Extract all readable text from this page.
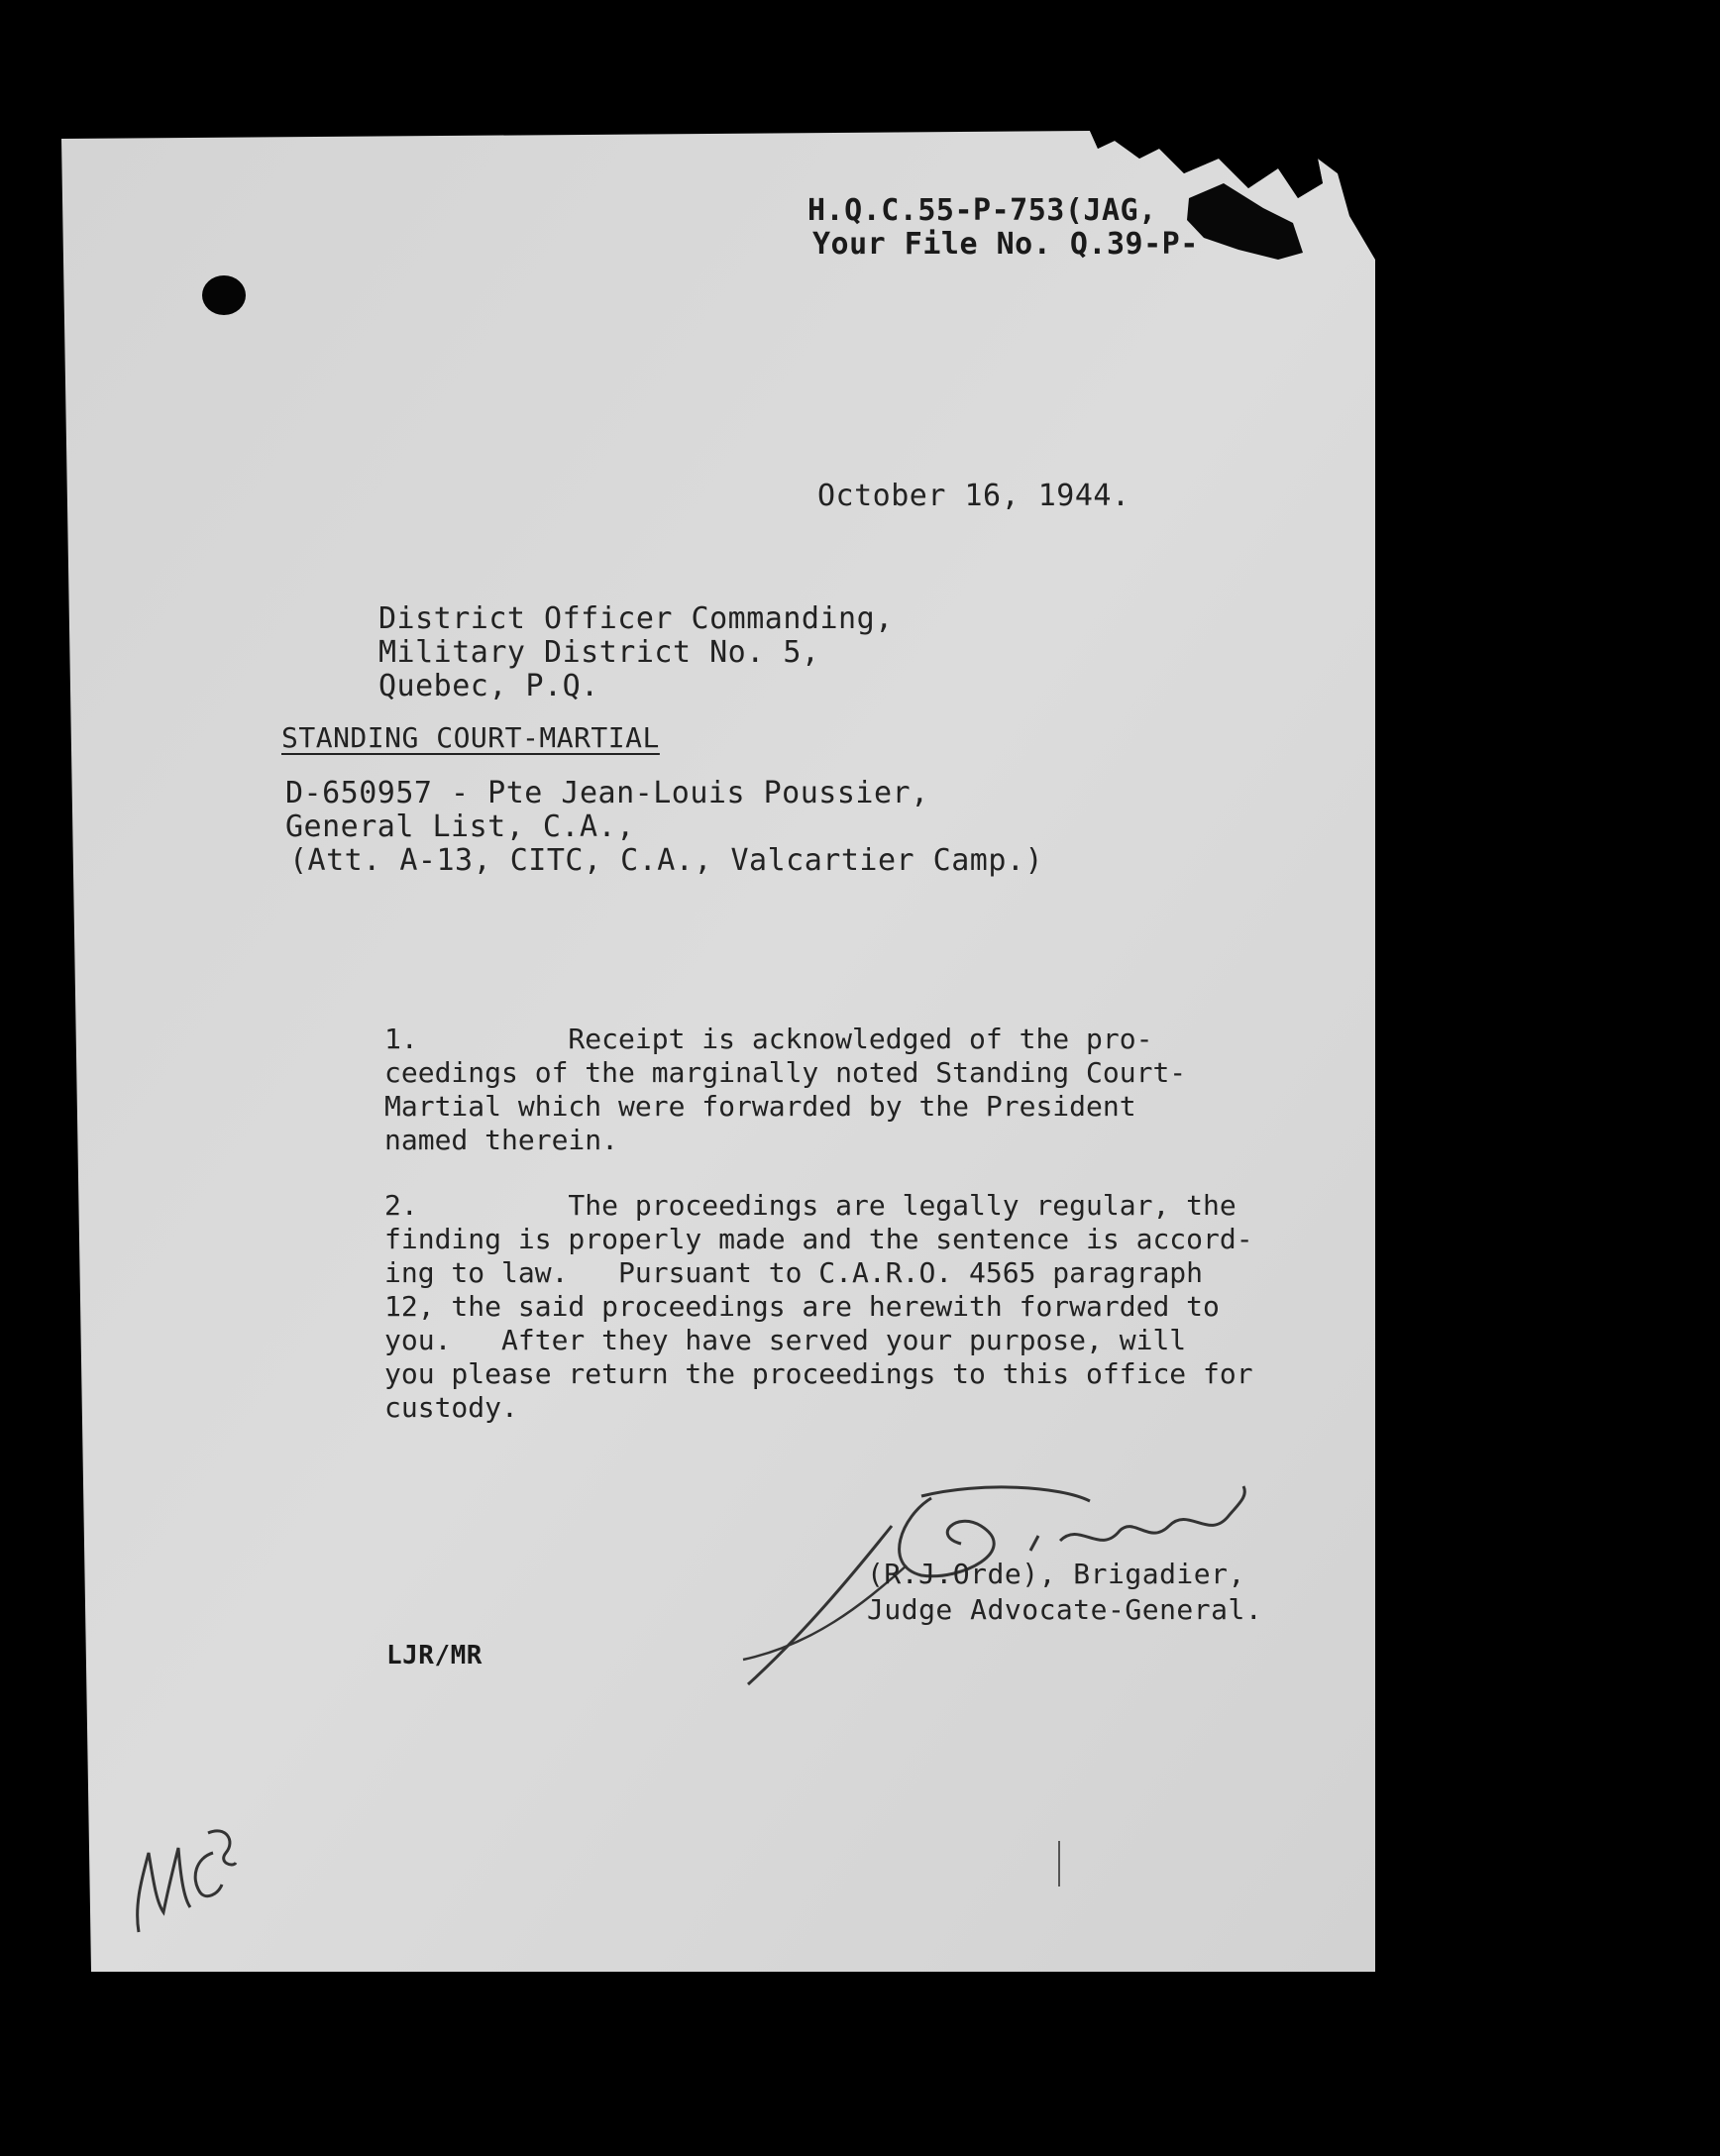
H.Q.C.55-P-753(JAG,
Your File No. Q.39-P-
October 16, 1944.
District Officer Commanding,
Military District No. 5,
Quebec, P.Q.
STANDING COURT-MARTIAL
D-650957 - Pte Jean-Louis Poussier,
General List, C.A.,
(Att. A-13, CITC, C.A., Valcartier Camp.)
1.         Receipt is acknowledged of the pro-
ceedings of the marginally noted Standing Court-
Martial which were forwarded by the President
named therein.
2.         The proceedings are legally regular, the
finding is properly made and the sentence is accord-
ing to law.   Pursuant to C.A.R.O. 4565 paragraph
12, the said proceedings are herewith forwarded to
you.   After they have served your purpose, will
you please return the proceedings to this office for
custody.
(R.J.Orde), Brigadier,
Judge Advocate-General.
LJR/MR
